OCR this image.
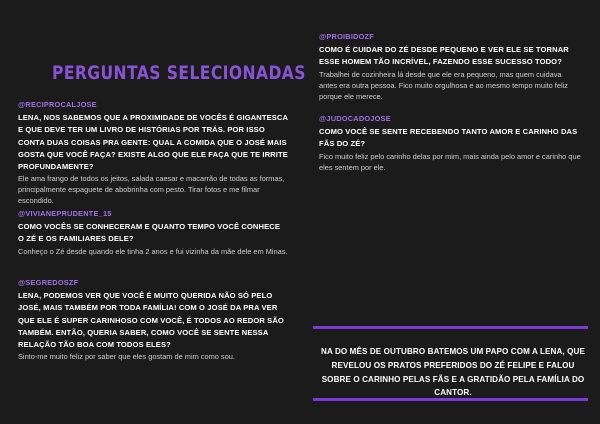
PERGUNTAS SELECIONADAS
@RECIPROCALJOSE
LENA, NOS SABEMOS QUE A PROXIMIDADE DE VOCÊS É GIGANTESCA E QUE DEVE TER UM LIVRO DE HISTÓRIAS POR TRÁS. POR ISSO CONTA DUAS COISAS PRA GENTE: QUAL A COMIDA QUE O JOSÉ MAIS GOSTA QUE VOCÊ FAÇA? EXISTE ALGO QUE ELE FAÇA QUE TE IRRITE PROFUNDAMENTE?
Ele ama frango de todos os jeitos, salada caesar e macarrão de todas as formas, principalmente espaguete de abobrinha com pesto. Tirar fotos e me filmar escondido.
@VIVIANEPRUDENTE_15
COMO VOCÊS SE CONHECERAM E QUANTO TEMPO VOCÊ CONHECE O ZÉ E OS FAMILIARES DELE?
Conheço o Zé desde quando ele tinha 2 anos e fui vizinha da mãe dele em Minas.
@SEGREDOSZF
LENA, PODEMOS VER QUE VOCÊ É MUITO QUERIDA NÃO SÓ PELO JOSÉ, MAIS TAMBÉM POR TODA FAMÍLIA! COM O JOSÉ DA PRA VER QUE ELE É SUPER CARINHOSO COM VOCÊ, É TODOS AO REDOR SÃO TAMBÉM. ENTÃO, QUERIA SABER, COMO VOCÊ SE SENTE NESSA RELAÇÃO TÃO BOA COM TODOS ELES?
Sinto-me muito feliz por saber que eles gostam de mim como sou.
@PROIBIDOZF
COMO É CUIDAR DO ZÉ DESDE PEQUENO E VER ELE SE TORNAR ESSE HOMEM TÃO INCRÍVEL, FAZENDO ESSE SUCESSO TODO?
Trabalhei de cozinheira lá desde que ele era pequeno, mas quem cuidava antes era outra pessoa. Fico muito orgulhosa e ao mesmo tempo muito feliz porque ele merece.
@JUDOCADOJOSE
COMO VOCÊ SE SENTE RECEBENDO TANTO AMOR E CARINHO DAS FÃS DO ZÉ?
Fico muito feliz pelo carinho delas por mim, mais ainda pelo amor e carinho que eles sentem por ele.
NA DO MÊS DE OUTUBRO BATEMOS UM PAPO COM A LENA, QUE REVELOU OS PRATOS PREFERIDOS DO ZÉ FELIPE E FALOU SOBRE O CARINHO PELAS FÃS E A GRATIDÃO PELA FAMÍLIA DO CANTOR.
